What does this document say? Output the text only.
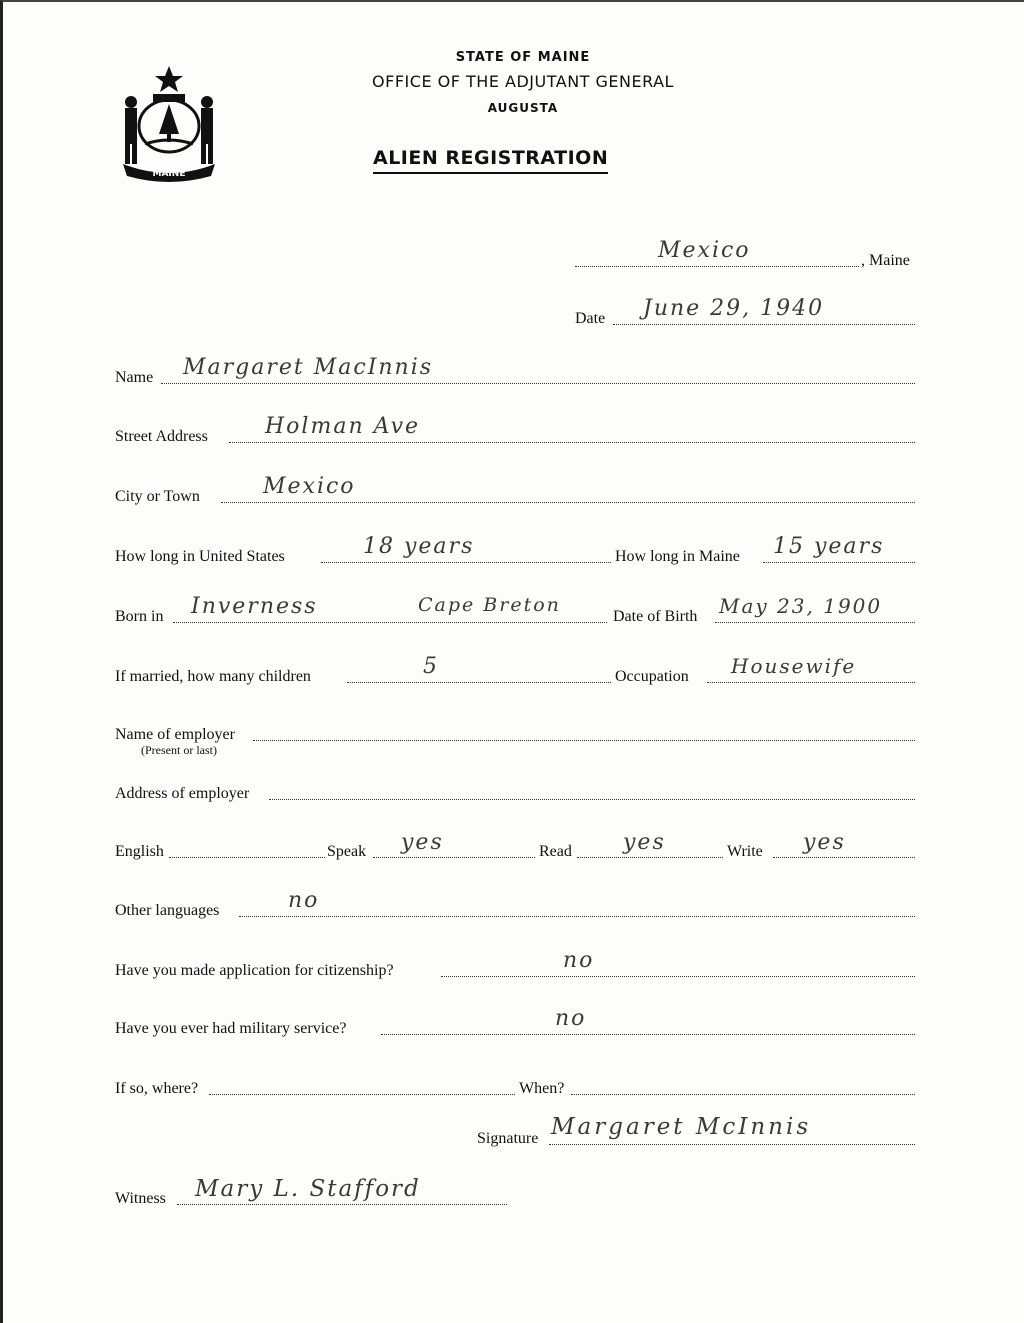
MAINE
STATE OF MAINE
OFFICE OF THE ADJUTANT GENERAL
AUGUSTA
ALIEN REGISTRATION
Mexico	, Maine
Date June 29, 1940
Name Margaret MacInnis
Street Address	Holman Ave
City or Town	Mexico
How long in United States	18 years	How long in Maine 15 years
Born in Inverness	Cape Breton
Date of Birth May 23, 1900
If married, how many children	5	Occupation Housewife
Name of employer
(Present or last)
Address of employer
English	Speak yes	Read yes	Write yes
Other languages	no
Have you made application for citizenship?	no
Have you ever had military service?	no
If so, where?	When?
Signature Margaret McInnis
Witness Mary L. Stafford
